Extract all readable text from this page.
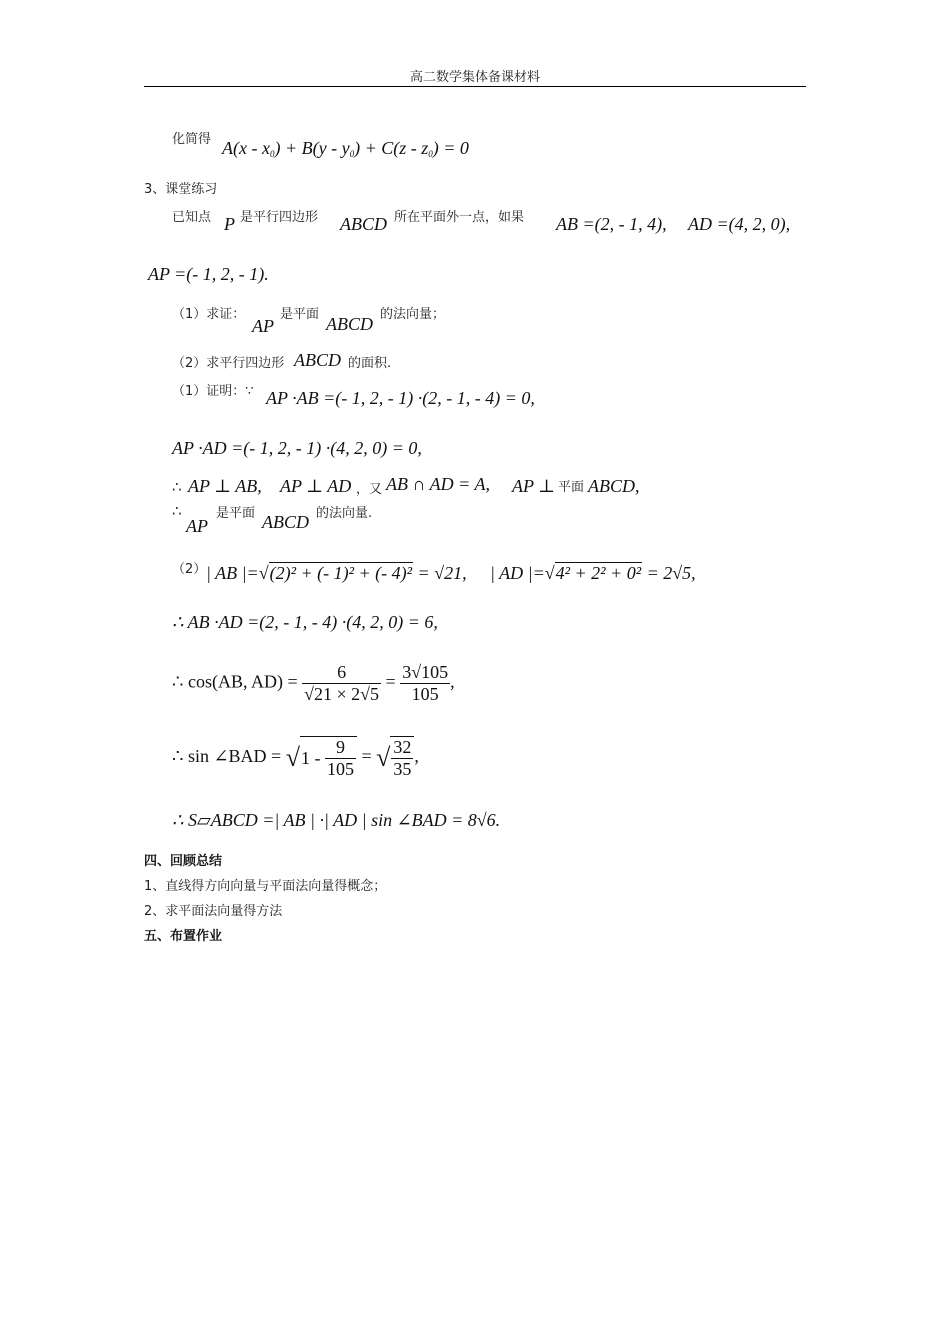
高二数学集体备课材料
化简得 $A(x - x_0) + B(y - y_0) + C(z - z_0) = 0$
3、课堂练习
已知点 P 是平行四边形 ABCD 所在平面外一点，如果 AB =(2, - 1, 4), AD =(4, 2, 0),
AP =(- 1, 2, - 1).
（1）求证：
AP
是平面 ABCD 的法向量；
（2）求平行四边形 ABCD 的面积.
（1）证明：∵ AP ·AB =(- 1, 2, - 1) ·(2, - 1, - 4) = 0,
AP ·AD =(- 1, 2, - 1) ·(4, 2, 0) = 0,
∴ AP ⊥ AB, AP ⊥ AD ，又 AB ∩ AD = A, AP ⊥ 平面 ABCD,
∴
AP
是平面 ABCD 的法向量.
（2） | AB |=√(2)² + (- 1)² + (- 4)² = √21, | AD |=√4² + 2² + 0² = 2√5,
∴ AB ·AD =(2, - 1, - 4) ·(4, 2, 0) = 6,
∴ cos(AB, $AD) = \frac{6}{√21 \times 2√5} = \frac{3√105}{105}$ ,
∴ sin ∠BAD = $√1 - \frac{9}{105}$ = √ $\frac{32}{35}$ ,
∴ S▱ABCD =| AB | ·| AD | sin ∠BAD = 8√6.
四、回顾总结
1、直线得方向向量与平面法向量得概念；
2、求平面法向量得方法
五、布置作业
